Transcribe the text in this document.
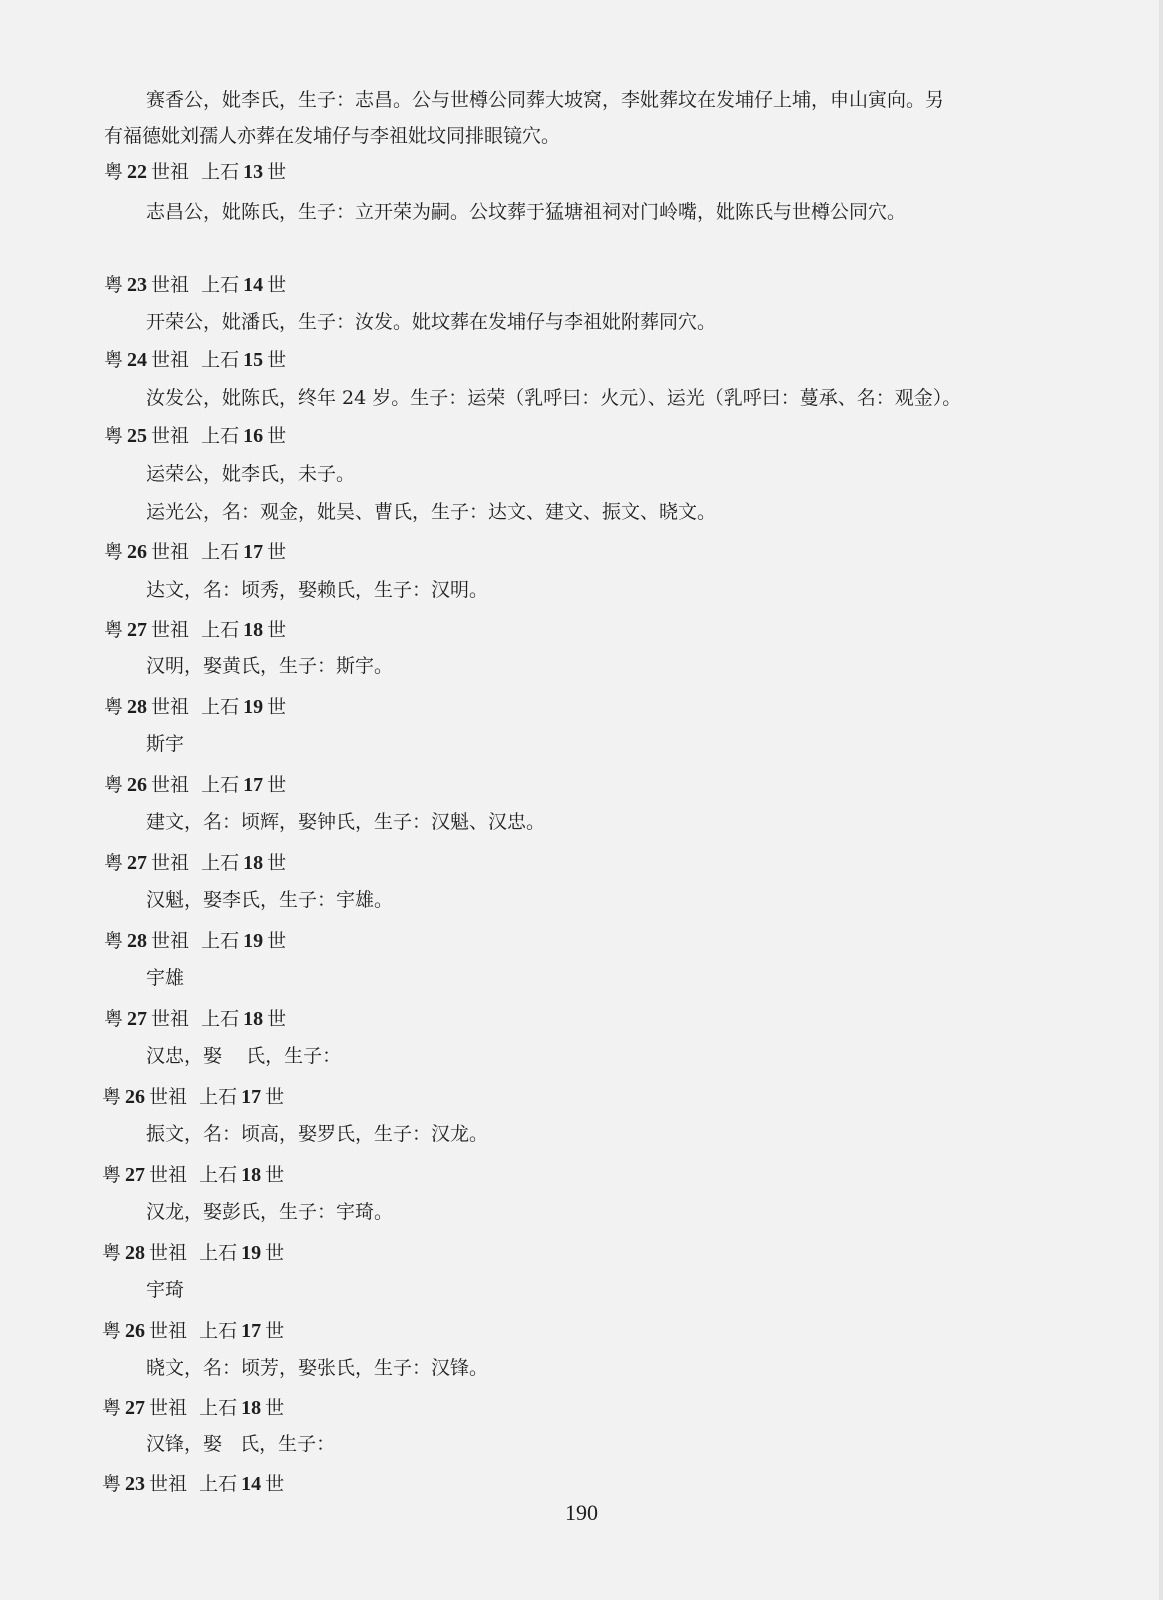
赛香公，妣李氏，生子：志昌。公与世樽公同葬大坡窝，李妣葬坟在发埔仔上埔，申山寅向。另
有福德妣刘孺人亦葬在发埔仔与李祖妣坟同排眼镜穴。
粤 22 世祖  上石 13 世
志昌公，妣陈氏，生子：立开荣为嗣。公坟葬于猛塘祖祠对门岭嘴，妣陈氏与世樽公同穴。
粤 23 世祖  上石 14 世
开荣公，妣潘氏，生子：汝发。妣坟葬在发埔仔与李祖妣附葬同穴。
粤 24 世祖  上石 15 世
汝发公，妣陈氏，终年 24 岁。生子：运荣（乳呼曰：火元）、运光（乳呼曰：蔓承、名：观金）。
粤 25 世祖  上石 16 世
运荣公，妣李氏，未子。
运光公，名：观金，妣吴、曹氏，生子：达文、建文、振文、晓文。
粤 26 世祖  上石 17 世
达文，名：顷秀，娶赖氏，生子：汉明。
粤 27 世祖  上石 18 世
汉明，娶黄氏，生子：斯宇。
粤 28 世祖  上石 19 世
斯宇
粤 26 世祖  上石 17 世
建文，名：顷辉，娶钟氏，生子：汉魁、汉忠。
粤 27 世祖  上石 18 世
汉魁，娶李氏，生子：宇雄。
粤 28 世祖  上石 19 世
宇雄
粤 27 世祖  上石 18 世
汉忠，娶    氏，生子：
粤 26 世祖  上石 17 世
振文，名：顷高，娶罗氏，生子：汉龙。
粤 27 世祖  上石 18 世
汉龙，娶彭氏，生子：宇琦。
粤 28 世祖  上石 19 世
宇琦
粤 26 世祖  上石 17 世
晓文，名：顷芳，娶张氏，生子：汉锋。
粤 27 世祖  上石 18 世
汉锋，娶   氏，生子：
粤 23 世祖  上石 14 世
190
